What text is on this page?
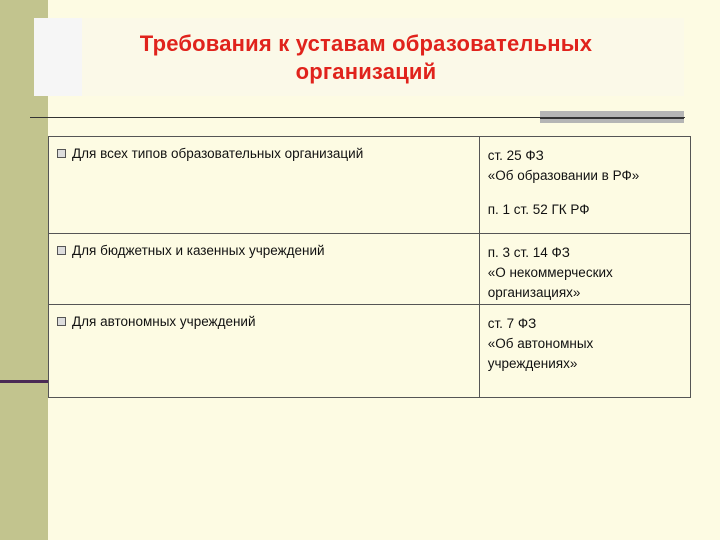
Требования к уставам образовательных
организаций
Для всех типов образовательных организаций	ст. 25 ФЗ
«Об образовании в РФ»
п. 1 ст. 52 ГК РФ

Для бюджетных и казенных учреждений	п. 3 ст. 14 ФЗ
«О некоммерческих
организациях»

Для автономных учреждений	ст. 7 ФЗ
«Об автономных
учреждениях»
